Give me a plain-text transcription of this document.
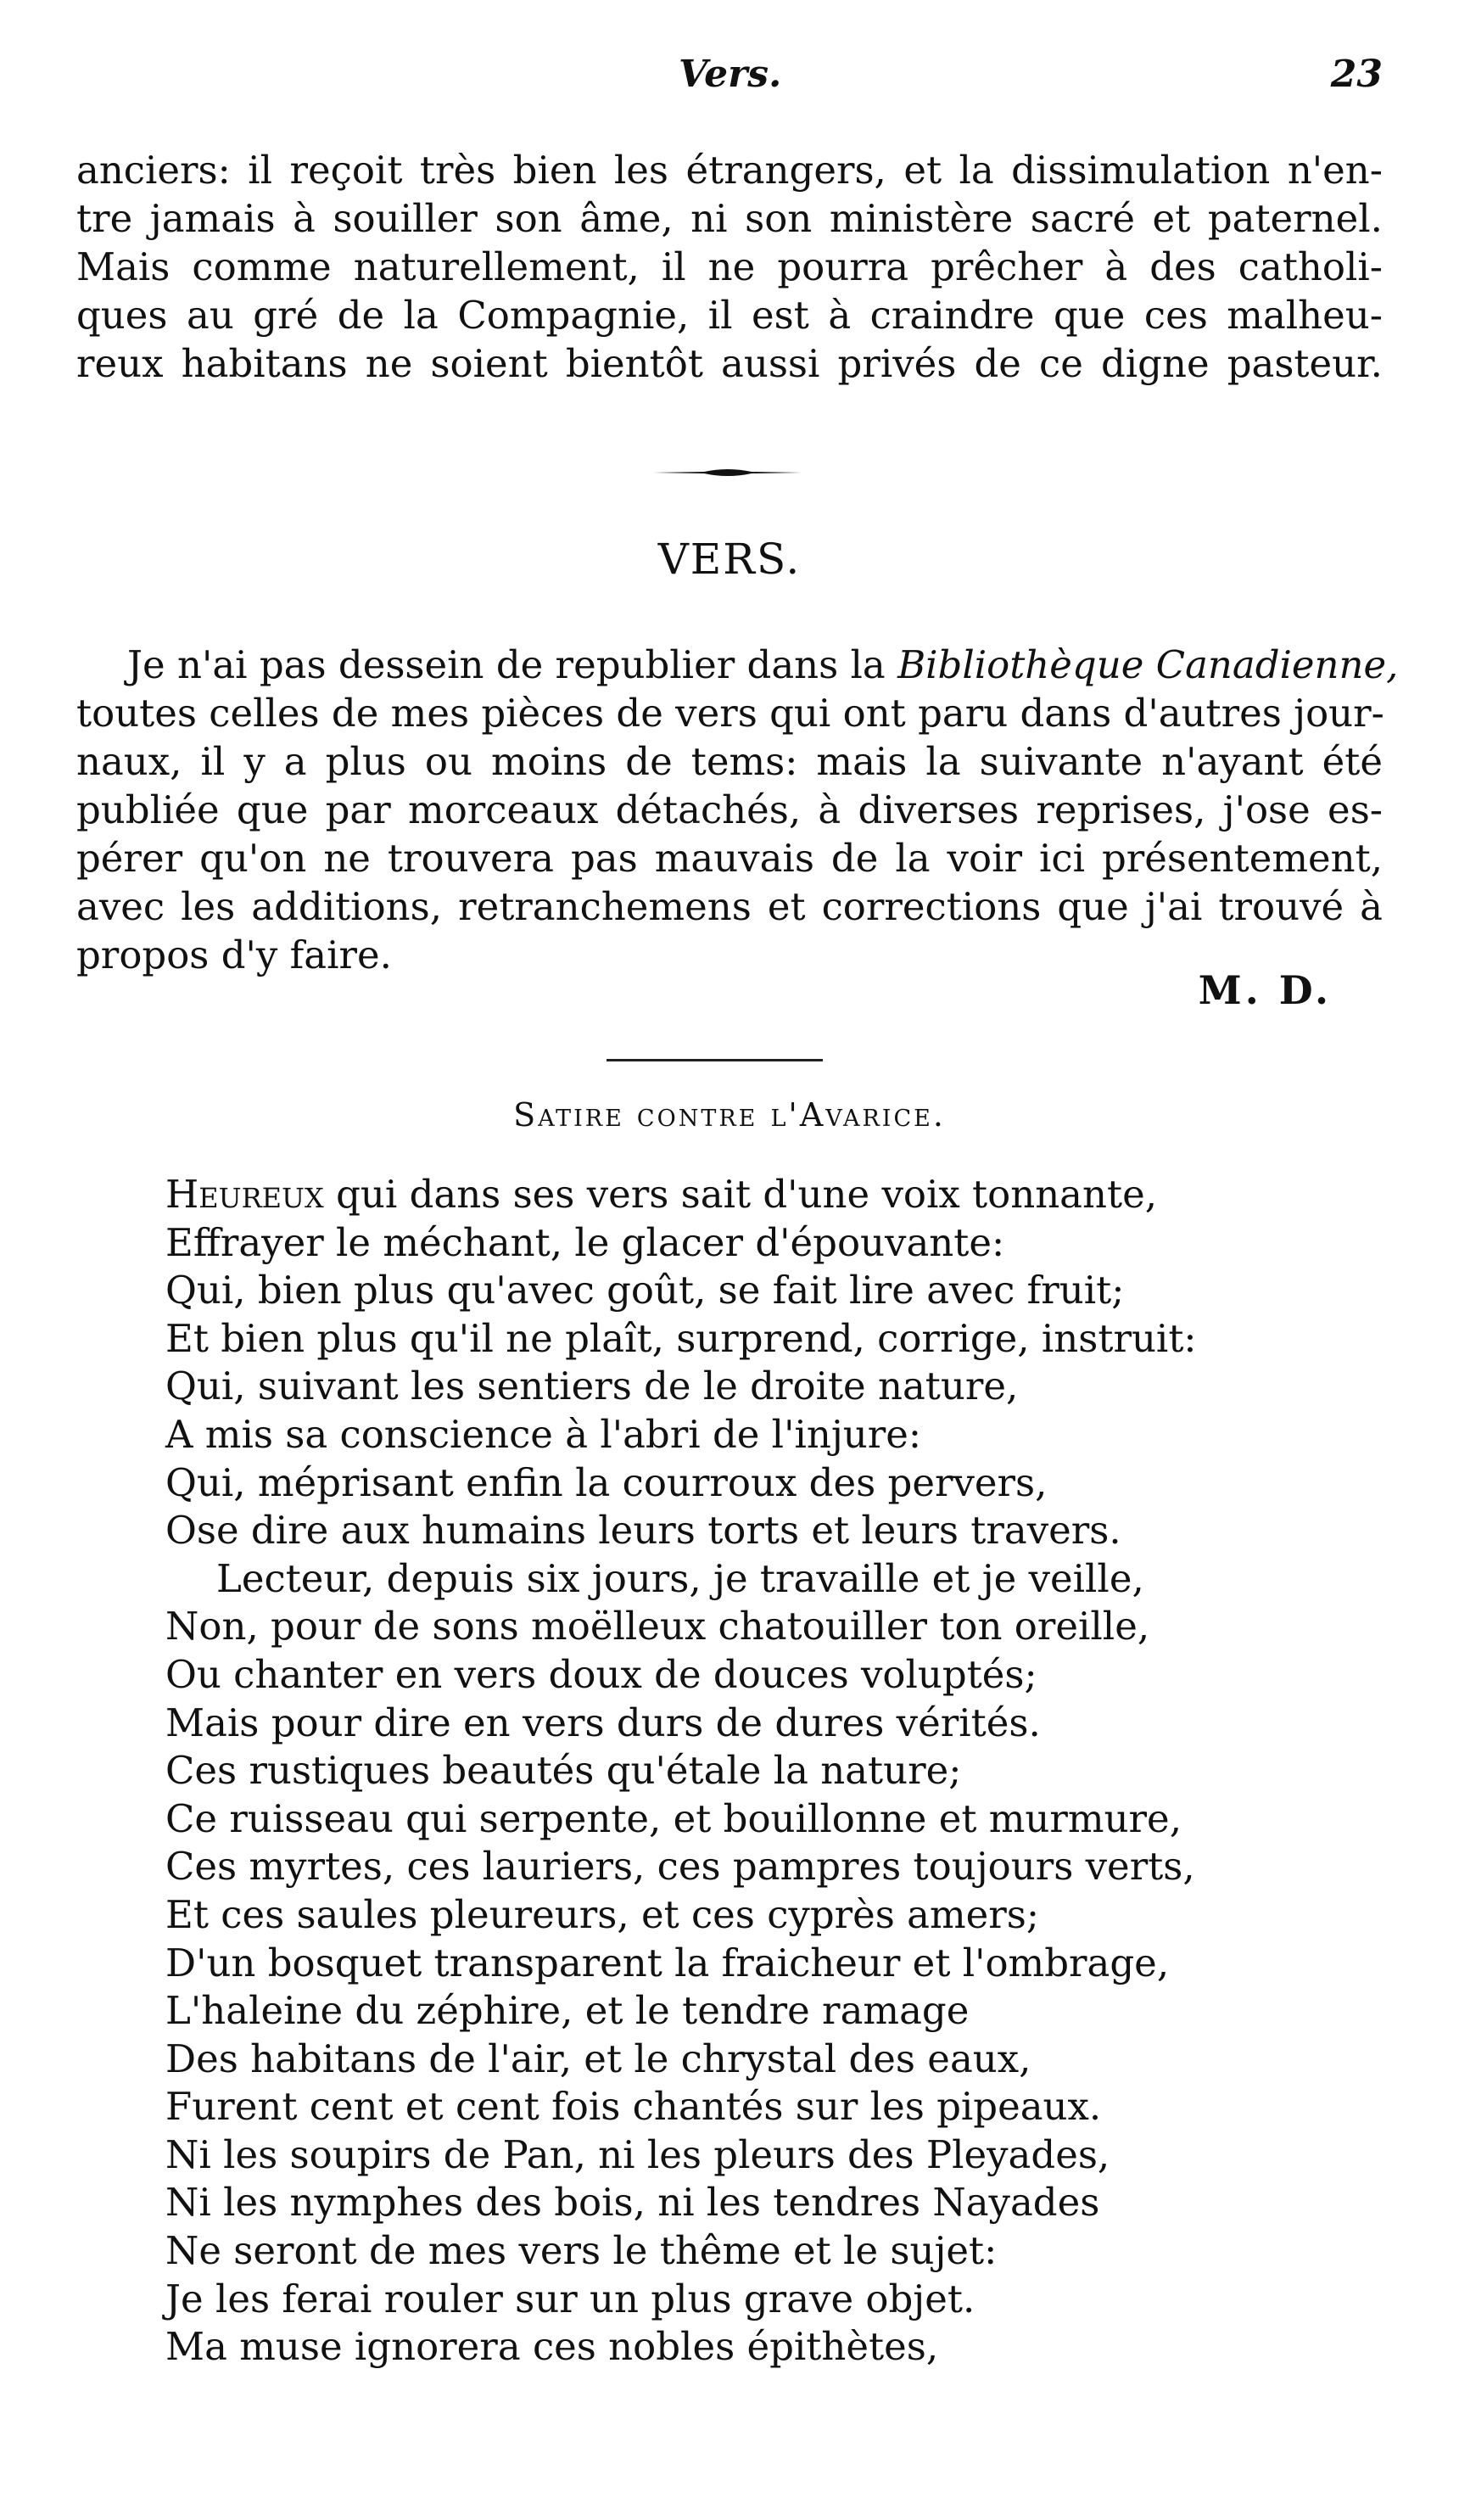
Vers.	23
anciers: il reçoit très bien les étrangers, et la dissimulation n'en-
tre jamais à souiller son âme, ni son ministère sacré et paternel.
Mais comme naturellement, il ne pourra prêcher à des catholi-
ques au gré de la Compagnie, il est à craindre que ces malheu-
reux habitans ne soient bientôt aussi privés de ce digne pasteur.
VERS.
Je n'ai pas dessein de republier dans la Bibliothèque Canadienne,
toutes celles de mes pièces de vers qui ont paru dans d'autres jour-
naux, il y a plus ou moins de tems: mais la suivante n'ayant été
publiée que par morceaux détachés, à diverses reprises, j'ose es-
pérer qu'on ne trouvera pas mauvais de la voir ici présentement,
avec les additions, retranchemens et corrections que j'ai trouvé à
propos d'y faire.
M. D.
Satire contre l'Avarice.
Heureux qui dans ses vers sait d'une voix tonnante,
Effrayer le méchant, le glacer d'épouvante:
Qui, bien plus qu'avec goût, se fait lire avec fruit;
Et bien plus qu'il ne plaît, surprend, corrige, instruit:
Qui, suivant les sentiers de le droite nature,
A mis sa conscience à l'abri de l'injure:
Qui, méprisant enfin la courroux des pervers,
Ose dire aux humains leurs torts et leurs travers.
Lecteur, depuis six jours, je travaille et je veille,
Non, pour de sons moëlleux chatouiller ton oreille,
Ou chanter en vers doux de douces voluptés;
Mais pour dire en vers durs de dures vérités.
Ces rustiques beautés qu'étale la nature;
Ce ruisseau qui serpente, et bouillonne et murmure,
Ces myrtes, ces lauriers, ces pampres toujours verts,
Et ces saules pleureurs, et ces cyprès amers;
D'un bosquet transparent la fraicheur et l'ombrage,
L'haleine du zéphire, et le tendre ramage
Des habitans de l'air, et le chrystal des eaux,
Furent cent et cent fois chantés sur les pipeaux.
Ni les soupirs de Pan, ni les pleurs des Pleyades,
Ni les nymphes des bois, ni les tendres Nayades
Ne seront de mes vers le thême et le sujet:
Je les ferai rouler sur un plus grave objet.
Ma muse ignorera ces nobles épithètes,
